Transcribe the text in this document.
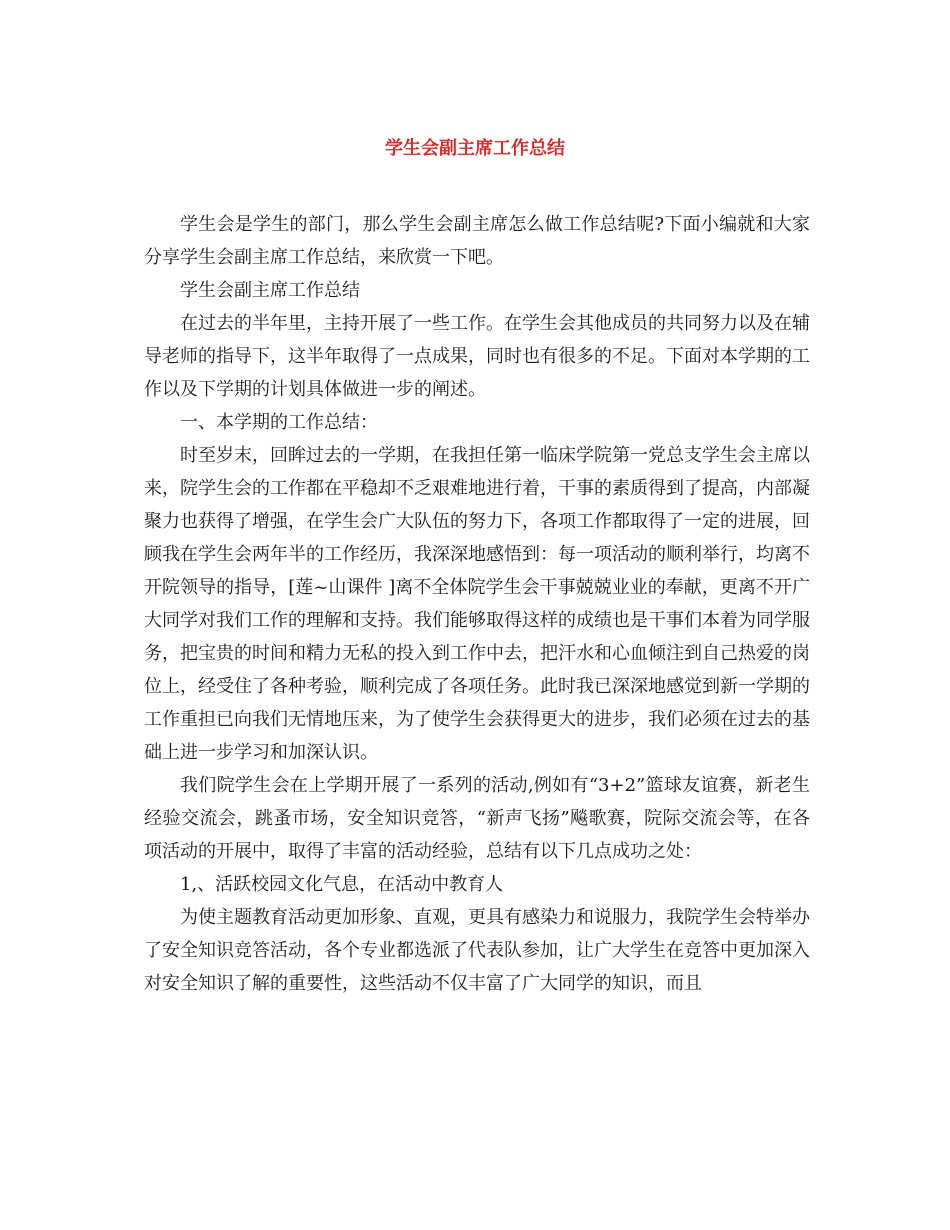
学生会副主席工作总结

学生会是学生的部门，那么学生会副主席怎么做工作总结呢?下面小编就和大家分享学生会副主席工作总结，来欣赏一下吧。

学生会副主席工作总结

在过去的半年里，主持开展了一些工作。在学生会其他成员的共同努力以及在辅导老师的指导下，这半年取得了一点成果，同时也有很多的不足。下面对本学期的工作以及下学期的计划具体做进一步的阐述。

一、本学期的工作总结：

时至岁末，回眸过去的一学期，在我担任第一临床学院第一党总支学生会主席以来，院学生会的工作都在平稳却不乏艰难地进行着，干事的素质得到了提高，内部凝聚力也获得了增强，在学生会广大队伍的努力下，各项工作都取得了一定的进展，回顾我在学生会两年半的工作经历，我深深地感悟到：每一项活动的顺利举行，均离不开院领导的指导，[莲~山课件 ]离不全体院学生会干事兢兢业业的奉献，更离不开广大同学对我们工作的理解和支持。我们能够取得这样的成绩也是干事们本着为同学服务，把宝贵的时间和精力无私的投入到工作中去，把汗水和心血倾注到自己热爱的岗位上，经受住了各种考验，顺利完成了各项任务。此时我已深深地感觉到新一学期的工作重担已向我们无情地压来，为了使学生会获得更大的进步，我们必须在过去的基础上进一步学习和加深认识。

我们院学生会在上学期开展了一系列的活动,例如有“3+2”篮球友谊赛，新老生经验交流会，跳蚤市场，安全知识竞答，“新声飞扬”飚歌赛，院际交流会等，在各项活动的开展中，取得了丰富的活动经验，总结有以下几点成功之处：

1,、活跃校园文化气息，在活动中教育人

为使主题教育活动更加形象、直观，更具有感染力和说服力，我院学生会特举办了安全知识竞答活动，各个专业都选派了代表队参加，让广大学生在竞答中更加深入对安全知识了解的重要性，这些活动不仅丰富了广大同学的知识，而且
